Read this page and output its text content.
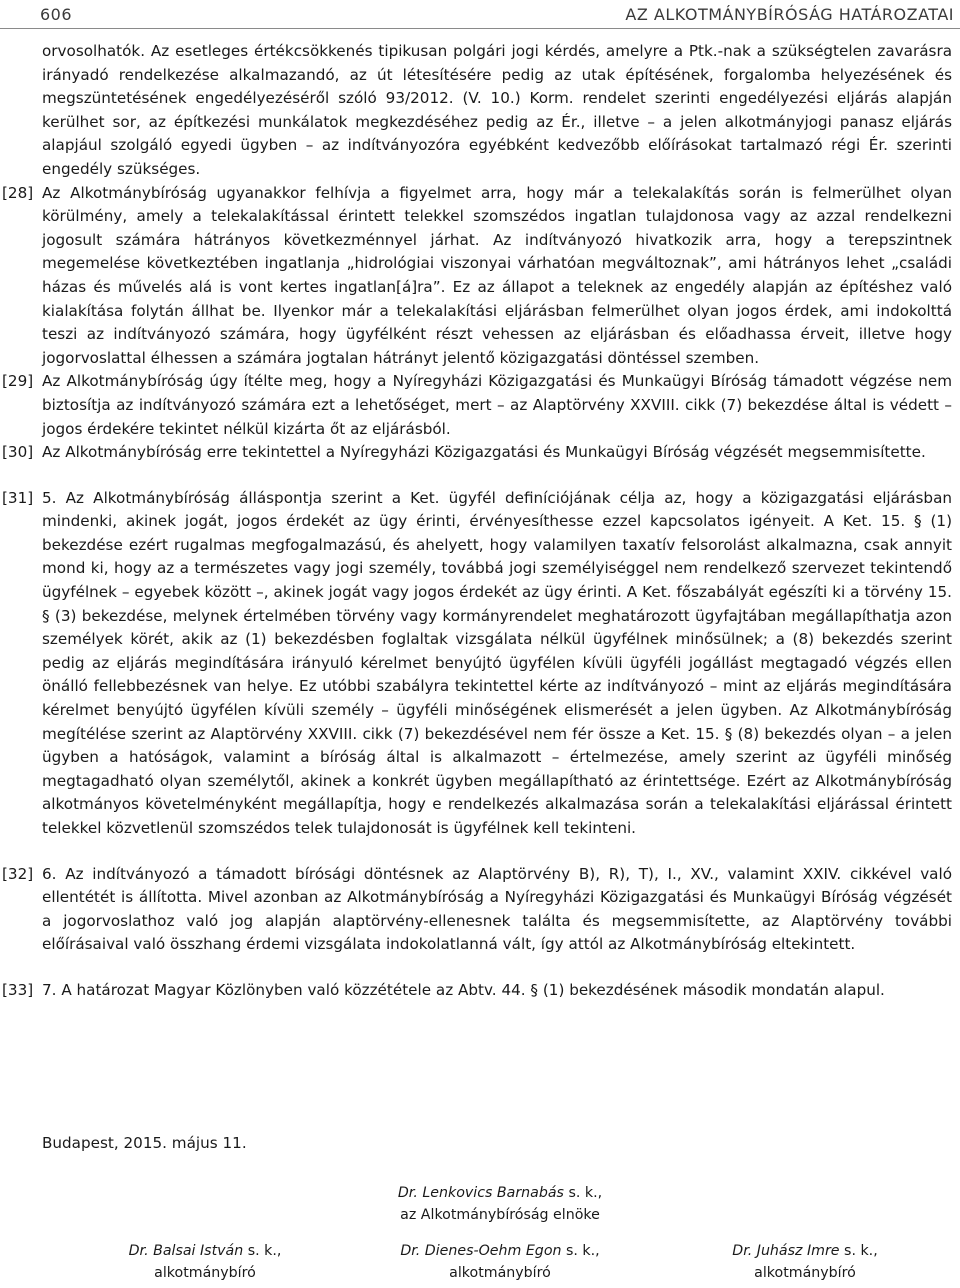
606	AZ ALKOTMÁNYBÍRÓSÁG HATÁROZATAI

orvosolhatók. Az esetleges értékcsökkenés tipikusan polgári jogi kérdés, amelyre a Ptk.-nak a szükségtelen zavarásra irányadó rendelkezése alkalmazandó, az út létesítésére pedig az utak építésének, forgalomba helyezésének és megszüntetésének engedélyezéséről szóló 93/2012. (V. 10.) Korm. rendelet szerinti engedélyezési eljárás alapján kerülhet sor, az építkezési munkálatok megkezdéséhez pedig az Ér., illetve – a jelen alkotmányjogi panasz eljárás alapjául szolgáló egyedi ügyben – az indítványozóra egyébként kedvezőbb előírásokat tartalmazó régi Ér. szerinti engedély szükséges.

[28] Az Alkotmánybíróság ugyanakkor felhívja a figyelmet arra, hogy már a telekalakítás során is felmerülhet olyan körülmény, amely a telekalakítással érintett telekkel szomszédos ingatlan tulajdonosa vagy az azzal rendelkezni jogosult számára hátrányos következménnyel járhat. Az indítványozó hivatkozik arra, hogy a terepszintnek megemelése következtében ingatlanja „hidrológiai viszonyai várhatóan megváltoznak”, ami hátrányos lehet „családi házas és művelés alá is vont kertes ingatlan[á]ra”. Ez az állapot a teleknek az engedély alapján az építéshez való kialakítása folytán állhat be. Ilyenkor már a telekalakítási eljárásban felmerülhet olyan jogos érdek, ami indokolttá teszi az indítványozó számára, hogy ügyfélként részt vehessen az eljárásban és előadhassa érveit, illetve hogy jogorvoslattal élhessen a számára jogtalan hátrányt jelentő közigazgatási döntéssel szemben.

[29] Az Alkotmánybíróság úgy ítélte meg, hogy a Nyíregyházi Közigazgatási és Munkaügyi Bíróság támadott végzése nem biztosítja az indítványozó számára ezt a lehetőséget, mert – az Alaptörvény XXVIII. cikk (7) bekezdése által is védett – jogos érdekére tekintet nélkül kizárta őt az eljárásból.

[30] Az Alkotmánybíróság erre tekintettel a Nyíregyházi Közigazgatási és Munkaügyi Bíróság végzését megsemmisítette.

[31] 5. Az Alkotmánybíróság álláspontja szerint a Ket. ügyfél definíciójának célja az, hogy a közigazgatási eljárásban mindenki, akinek jogát, jogos érdekét az ügy érinti, érvényesíthesse ezzel kapcsolatos igényeit. A Ket. 15. § (1) bekezdése ezért rugalmas megfogalmazású, és ahelyett, hogy valamilyen taxatív felsorolást alkalmazna, csak annyit mond ki, hogy az a természetes vagy jogi személy, továbbá jogi személyiséggel nem rendelkező szervezet tekintendő ügyfélnek – egyebek között –, akinek jogát vagy jogos érdekét az ügy érinti. A Ket. főszabályát egészíti ki a törvény 15. § (3) bekezdése, melynek értelmében törvény vagy kormányrendelet meghatározott ügyfajtában megállapíthatja azon személyek körét, akik az (1) bekezdésben foglaltak vizsgálata nélkül ügyfélnek minősülnek; a (8) bekezdés szerint pedig az eljárás megindítására irányuló kérelmet benyújtó ügyfélen kívüli ügyféli jogállást megtagadó végzés ellen önálló fellebbezésnek van helye. Ez utóbbi szabályra tekintettel kérte az indítványozó – mint az eljárás megindítására kérelmet benyújtó ügyfélen kívüli személy – ügyféli minőségének elismerését a jelen ügyben. Az Alkotmánybíróság megítélése szerint az Alaptörvény XXVIII. cikk (7) bekezdésével nem fér össze a Ket. 15. § (8) bekezdés olyan – a jelen ügyben a hatóságok, valamint a bíróság által is alkalmazott – értelmezése, amely szerint az ügyféli minőség megtagadható olyan személytől, akinek a konkrét ügyben megállapítható az érintettsége. Ezért az Alkotmánybíróság alkotmányos követelményként megállapítja, hogy e rendelkezés alkalmazása során a telekalakítási eljárással érintett telekkel közvetlenül szomszédos telek tulajdonosát is ügyfélnek kell tekinteni.

[32] 6. Az indítványozó a támadott bírósági döntésnek az Alaptörvény B), R), T), I., XV., valamint XXIV. cikkével való ellentétét is állította. Mivel azonban az Alkotmánybíróság a Nyíregyházi Közigazgatási és Munkaügyi Bíróság végzését a jogorvoslathoz való jog alapján alaptörvény-ellenesnek találta és megsemmisítette, az Alaptörvény további előírásaival való összhang érdemi vizsgálata indokolatlanná vált, így attól az Alkotmánybíróság eltekintett.

[33] 7. A határozat Magyar Közlönyben való közzététele az Abtv. 44. § (1) bekezdésének második mondatán alapul.

Budapest, 2015. május 11.
Dr. Lenkovics Barnabás s. k.,
az Alkotmánybíróság elnöke
Dr. Balsai István s. k.,
alkotmánybíró
Dr. Dienes-Oehm Egon s. k.,
alkotmánybíró
Dr. Juhász Imre s. k.,
alkotmánybíró
